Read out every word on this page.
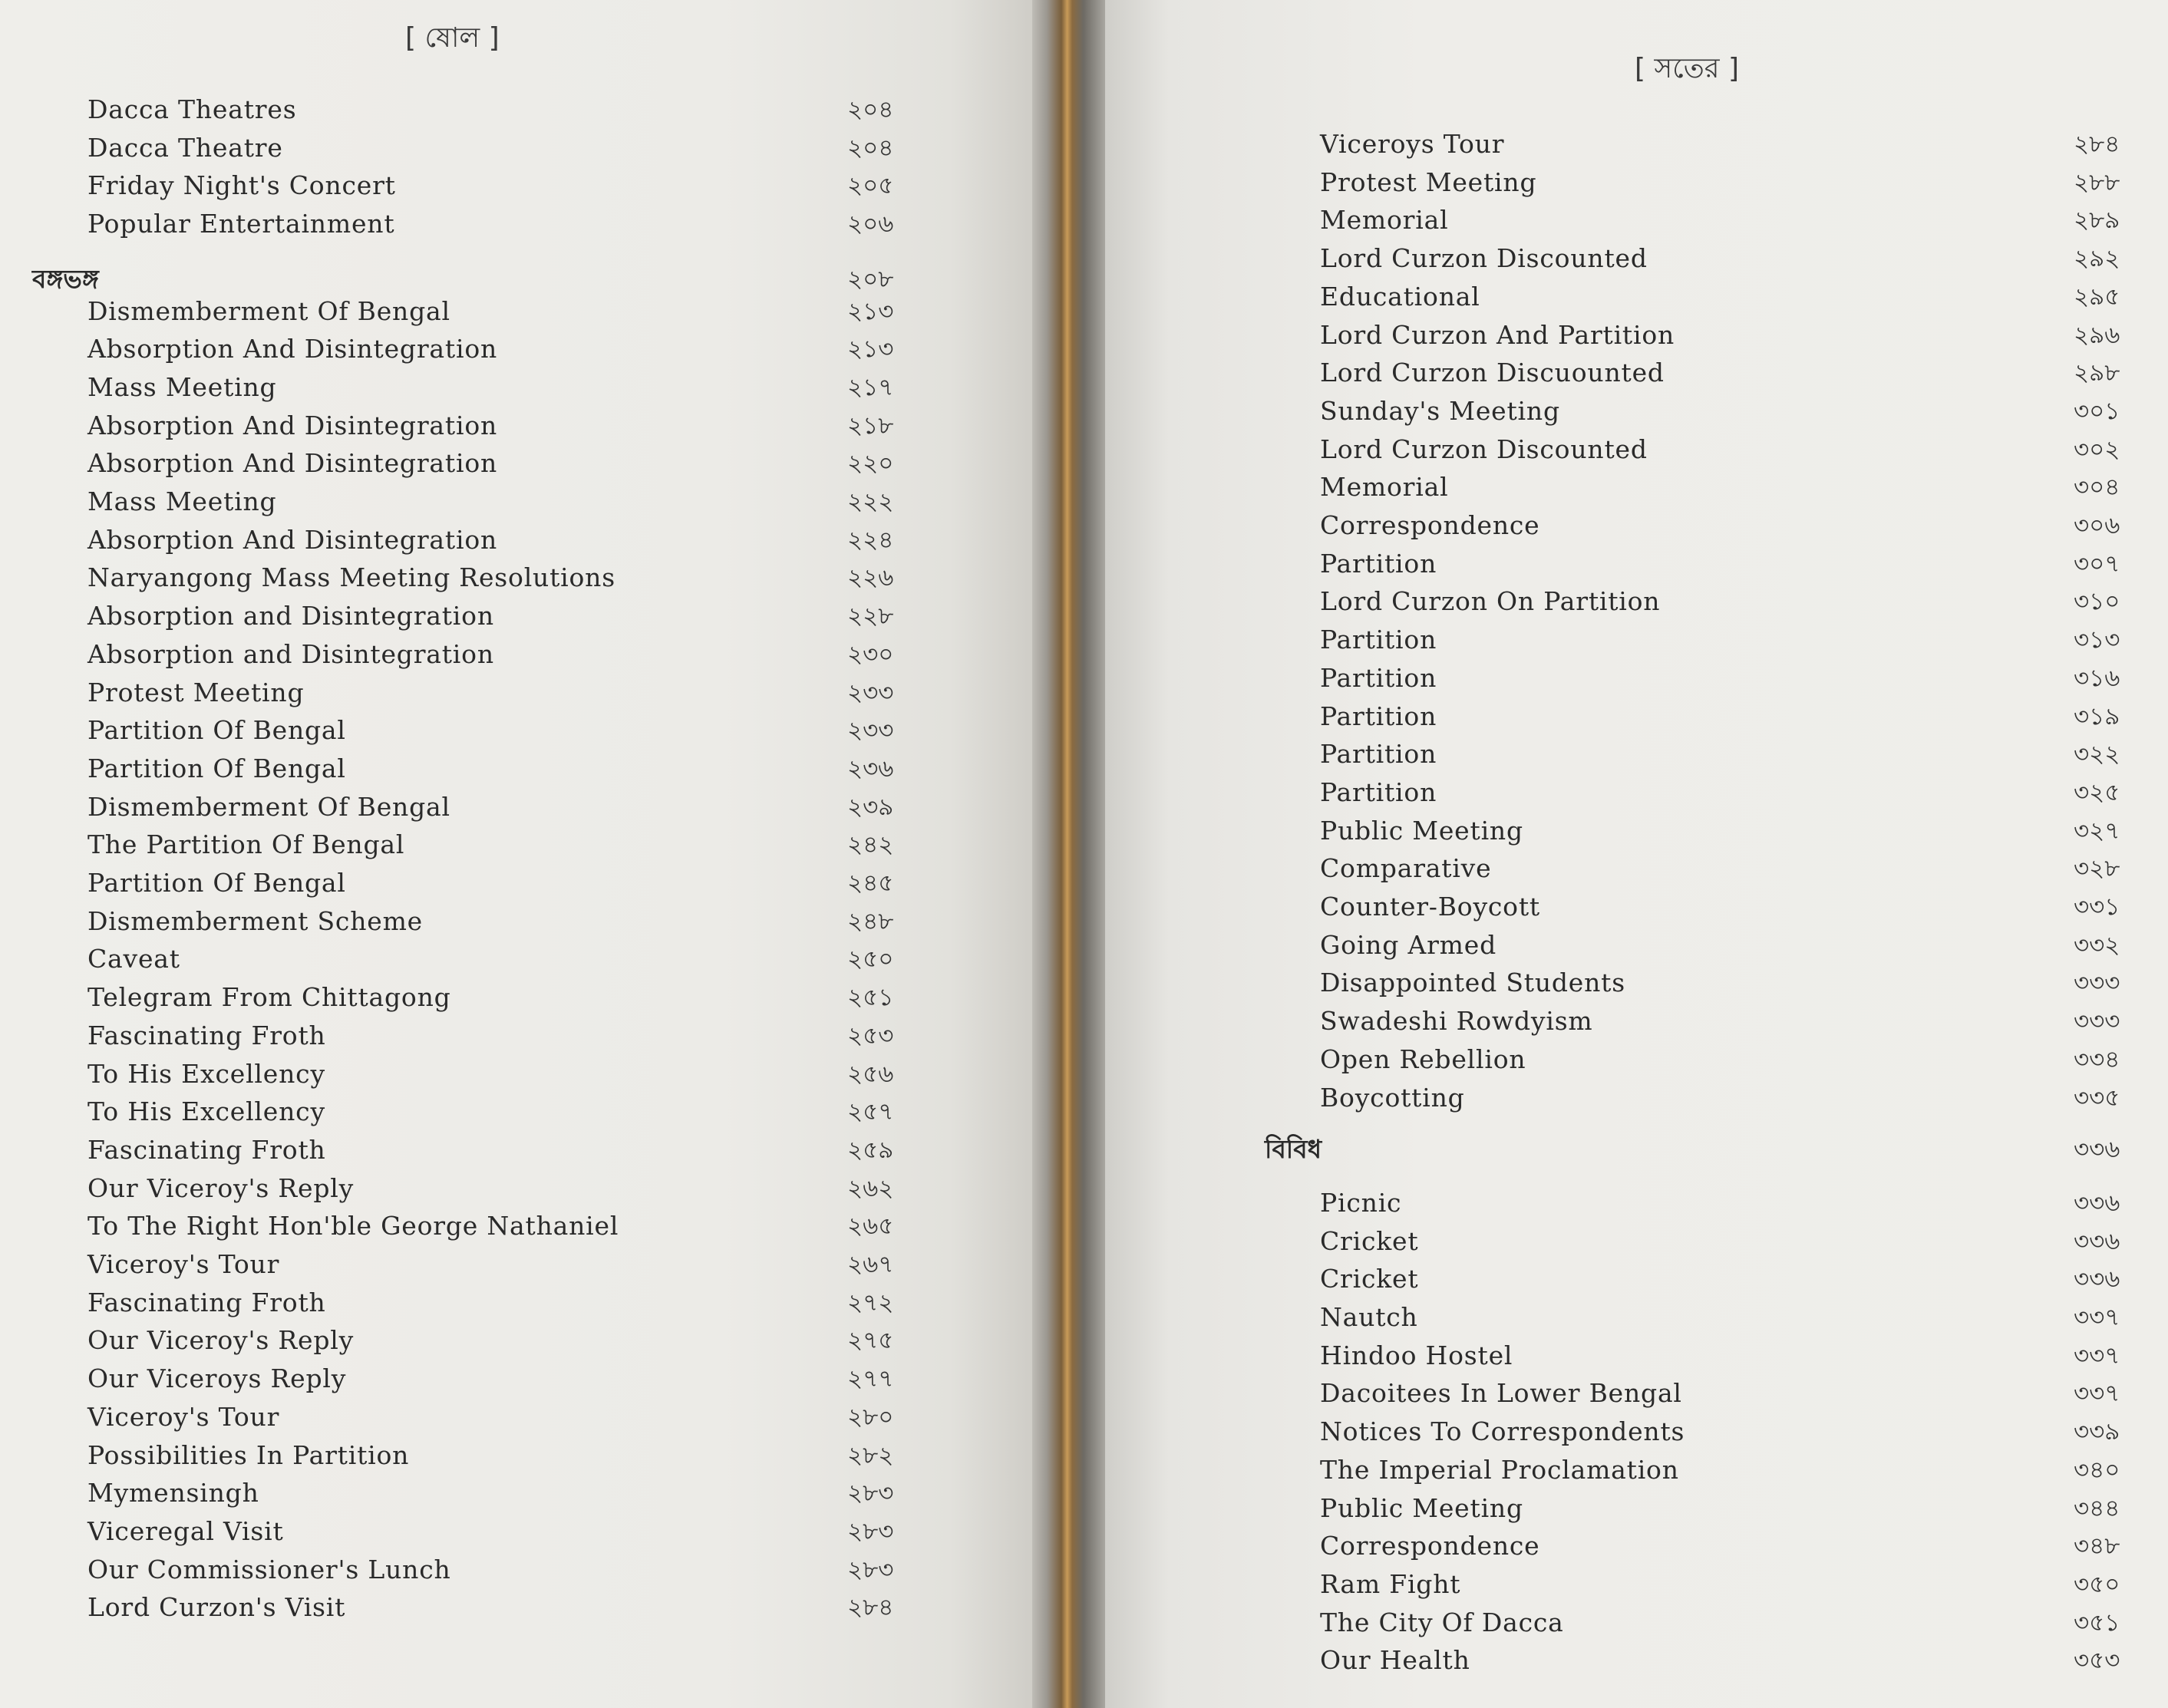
[ ষোল ]
Dacca Theatres	২০৪
Dacca Theatre	২০৪
Friday Night's Concert	২০৫
Popular Entertainment	২০৬
বঙ্গভঙ্গ	২০৮
Dismemberment Of Bengal	২১৩
Absorption And Disintegration	২১৩
Mass Meeting	২১৭
Absorption And Disintegration	২১৮
Absorption And Disintegration	২২০
Mass Meeting	২২২
Absorption And Disintegration	২২৪
Naryangong Mass Meeting Resolutions	২২৬
Absorption and Disintegration	২২৮
Absorption and Disintegration	২৩০
Protest Meeting	২৩৩
Partition Of Bengal	২৩৩
Partition Of Bengal	২৩৬
Dismemberment Of Bengal	২৩৯
The Partition Of Bengal	২৪২
Partition Of Bengal	২৪৫
Dismemberment Scheme	২৪৮
Caveat	২৫০
Telegram From Chittagong	২৫১
Fascinating Froth	২৫৩
To His Excellency	২৫৬
To His Excellency	২৫৭
Fascinating Froth	২৫৯
Our Viceroy's Reply	২৬২
To The Right Hon'ble George Nathaniel	২৬৫
Viceroy's Tour	২৬৭
Fascinating Froth	২৭২
Our Viceroy's Reply	২৭৫
Our Viceroys Reply	২৭৭
Viceroy's Tour	২৮০
Possibilities In Partition	২৮২
Mymensingh	২৮৩
Viceregal Visit	২৮৩
Our Commissioner's Lunch	২৮৩
Lord Curzon's Visit	২৮৪
[ সতের ]
Viceroys Tour	২৮৪
Protest Meeting	২৮৮
Memorial	২৮৯
Lord Curzon Discounted	২৯২
Educational	২৯৫
Lord Curzon And Partition	২৯৬
Lord Curzon Discuounted	২৯৮
Sunday's Meeting	৩০১
Lord Curzon Discounted	৩০২
Memorial	৩০৪
Correspondence	৩০৬
Partition	৩০৭
Lord Curzon On Partition	৩১০
Partition	৩১৩
Partition	৩১৬
Partition	৩১৯
Partition	৩২২
Partition	৩২৫
Public Meeting	৩২৭
Comparative	৩২৮
Counter-Boycott	৩৩১
Going Armed	৩৩২
Disappointed Students	৩৩৩
Swadeshi Rowdyism	৩৩৩
Open Rebellion	৩৩৪
Boycotting	৩৩৫
বিবিধ	৩৩৬
Picnic	৩৩৬
Cricket	৩৩৬
Cricket	৩৩৬
Nautch	৩৩৭
Hindoo Hostel	৩৩৭
Dacoitees In Lower Bengal	৩৩৭
Notices To Correspondents	৩৩৯
The Imperial Proclamation	৩৪০
Public Meeting	৩৪৪
Correspondence	৩৪৮
Ram Fight	৩৫০
The City Of Dacca	৩৫১
Our Health	৩৫৩
